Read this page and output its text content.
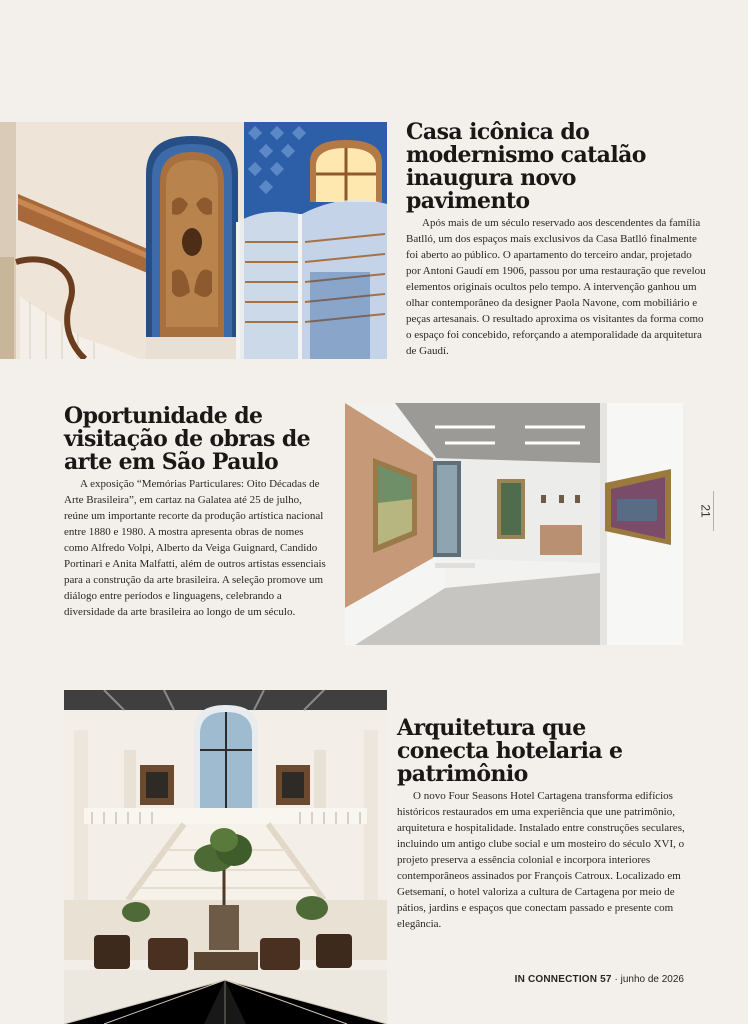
Casa icônica do modernismo catalão inaugura novo pavimento

Após mais de um século reservado aos descendentes da família Batlló, um dos espaços mais exclusivos da Casa Batlló finalmente foi aberto ao público. O apartamento do terceiro andar, projetado por Antoni Gaudí em 1906, passou por uma restauração que revelou elementos originais ocultos pelo tempo. A intervenção ganhou um olhar contemporâneo da designer Paola Navone, com mobiliário e peças artesanais. O resultado aproxima os visitantes da forma como o espaço foi concebido, reforçando a atemporalidade da arquitetura de Gaudí.

Oportunidade de visitação de obras de arte em São Paulo

A exposição “Memórias Particulares: Oito Décadas de Arte Brasileira”, em cartaz na Galatea até 25 de julho, reúne um importante recorte da produção artística nacional entre 1880 e 1980. A mostra apresenta obras de nomes como Alfredo Volpi, Alberto da Veiga Guignard, Candido Portinari e Anita Malfatti, além de outros artistas essenciais para a construção da arte brasileira. A seleção promove um diálogo entre períodos e linguagens, celebrando a diversidade da arte brasileira ao longo de um século.

21
Arquitetura que conecta hotelaria e patrimônio

O novo Four Seasons Hotel Cartagena transforma edifícios históricos restaurados em uma experiência que une patrimônio, arquitetura e hospitalidade. Instalado entre construções seculares, incluindo um antigo clube social e um mosteiro do século XVI, o projeto preserva a essência colonial e incorpora interiores contemporâneos assinados por François Catroux. Localizado em Getsemaní, o hotel valoriza a cultura de Cartagena por meio de pátios, jardins e espaços que conectam passado e presente com elegância.

IN CONNECTION 57 · junho de 2026
